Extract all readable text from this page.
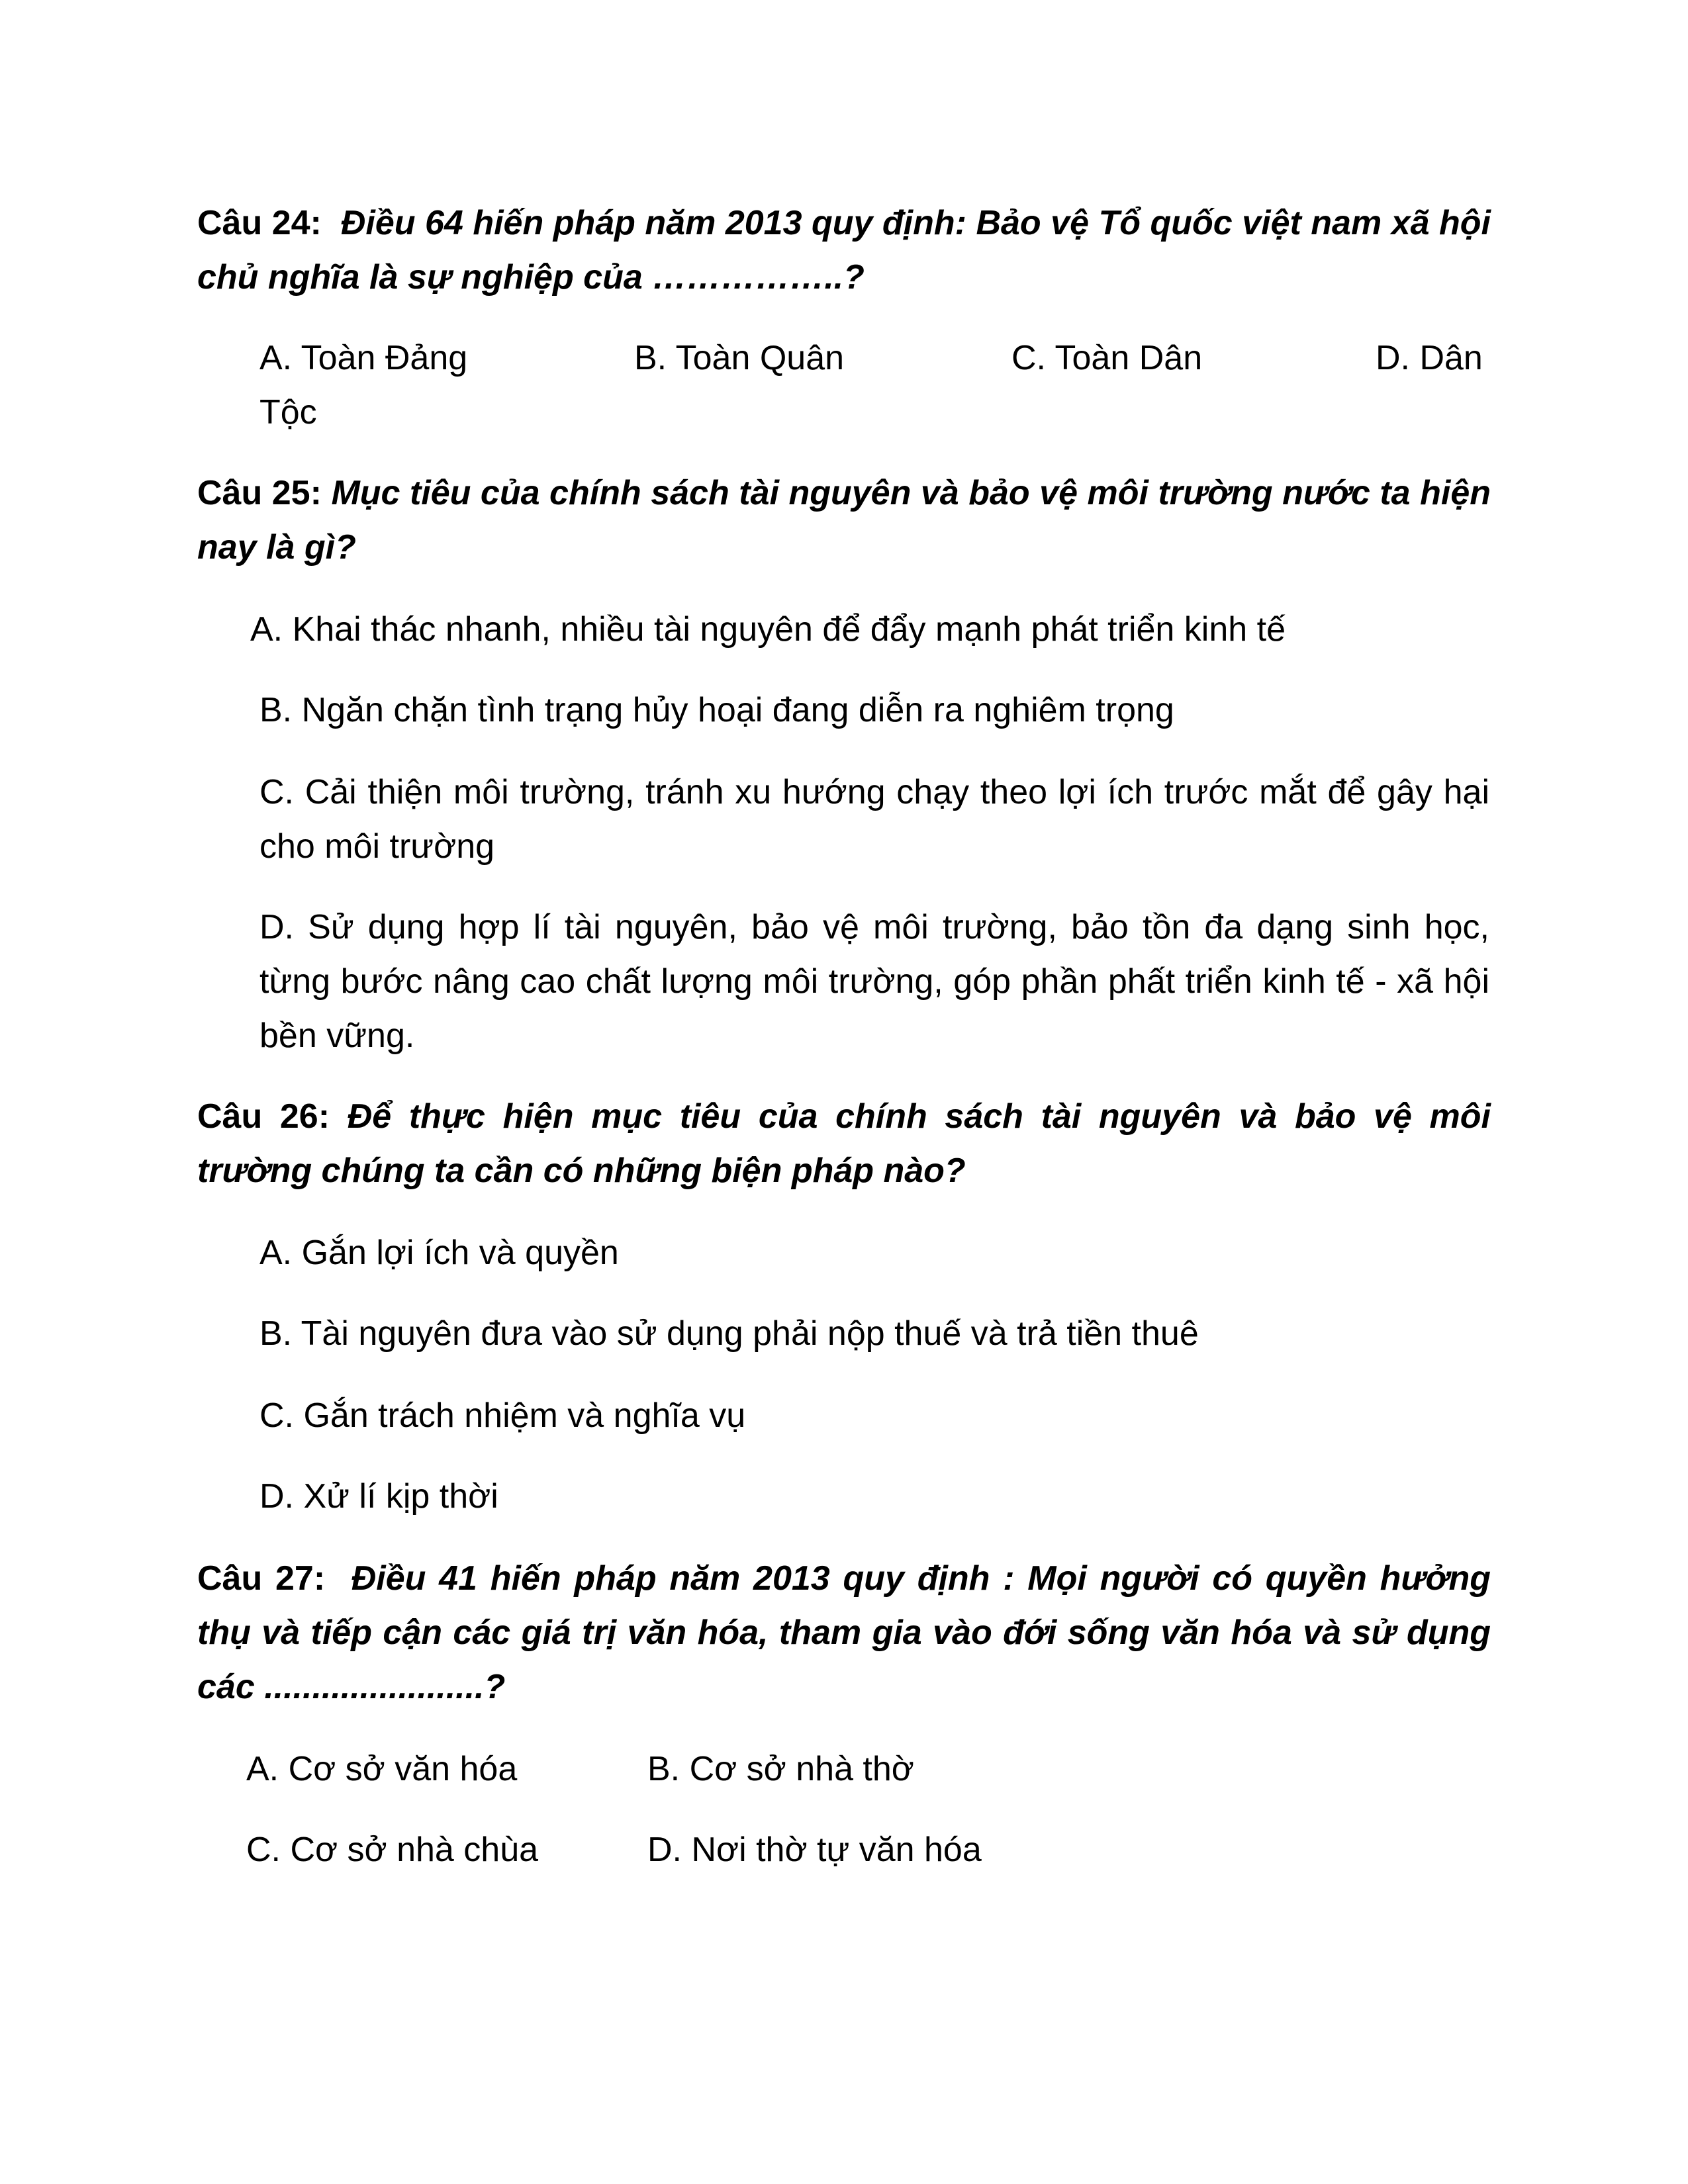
Câu 24: Điều 64 hiến pháp năm 2013 quy định: Bảo vệ Tổ quốc việt nam xã hội chủ nghĩa là sự nghiệp của ……………..?
A. Toàn Đảng	B. Toàn Quân	C. Toàn Dân	D. Dân
Tộc
Câu 25: Mục tiêu của chính sách tài nguyên và bảo vệ môi trường nước ta hiện nay là gì?
A. Khai thác nhanh, nhiều tài nguyên để đẩy mạnh phát triển kinh tế
B. Ngăn chặn tình trạng hủy hoại đang diễn ra nghiêm trọng
C. Cải thiện môi trường, tránh xu hướng chạy theo lợi ích trước mắt để gây hại cho môi trường
D. Sử dụng hợp lí tài nguyên, bảo vệ môi trường, bảo tồn đa dạng sinh học, từng bước nâng cao chất lượng môi trường, góp phần phất triển kinh tế - xã hội bền vững.
Câu 26: Để thực hiện mục tiêu của chính sách tài nguyên và bảo vệ môi trường chúng ta cần có những biện pháp nào?
A. Gắn lợi ích và quyền
B. Tài nguyên đưa vào sử dụng phải nộp thuế và trả tiền thuê
C. Gắn trách nhiệm và nghĩa vụ
D. Xử lí kịp thời
Câu 27: Điều 41 hiến pháp năm 2013 quy định : Mọi người có quyền hưởng thụ và tiếp cận các giá trị văn hóa, tham gia vào đới sống văn hóa và sử dụng các .......................?
A. Cơ sở văn hóa	B. Cơ sở nhà thờ
C. Cơ sở nhà chùa	D. Nơi thờ tự văn hóa
